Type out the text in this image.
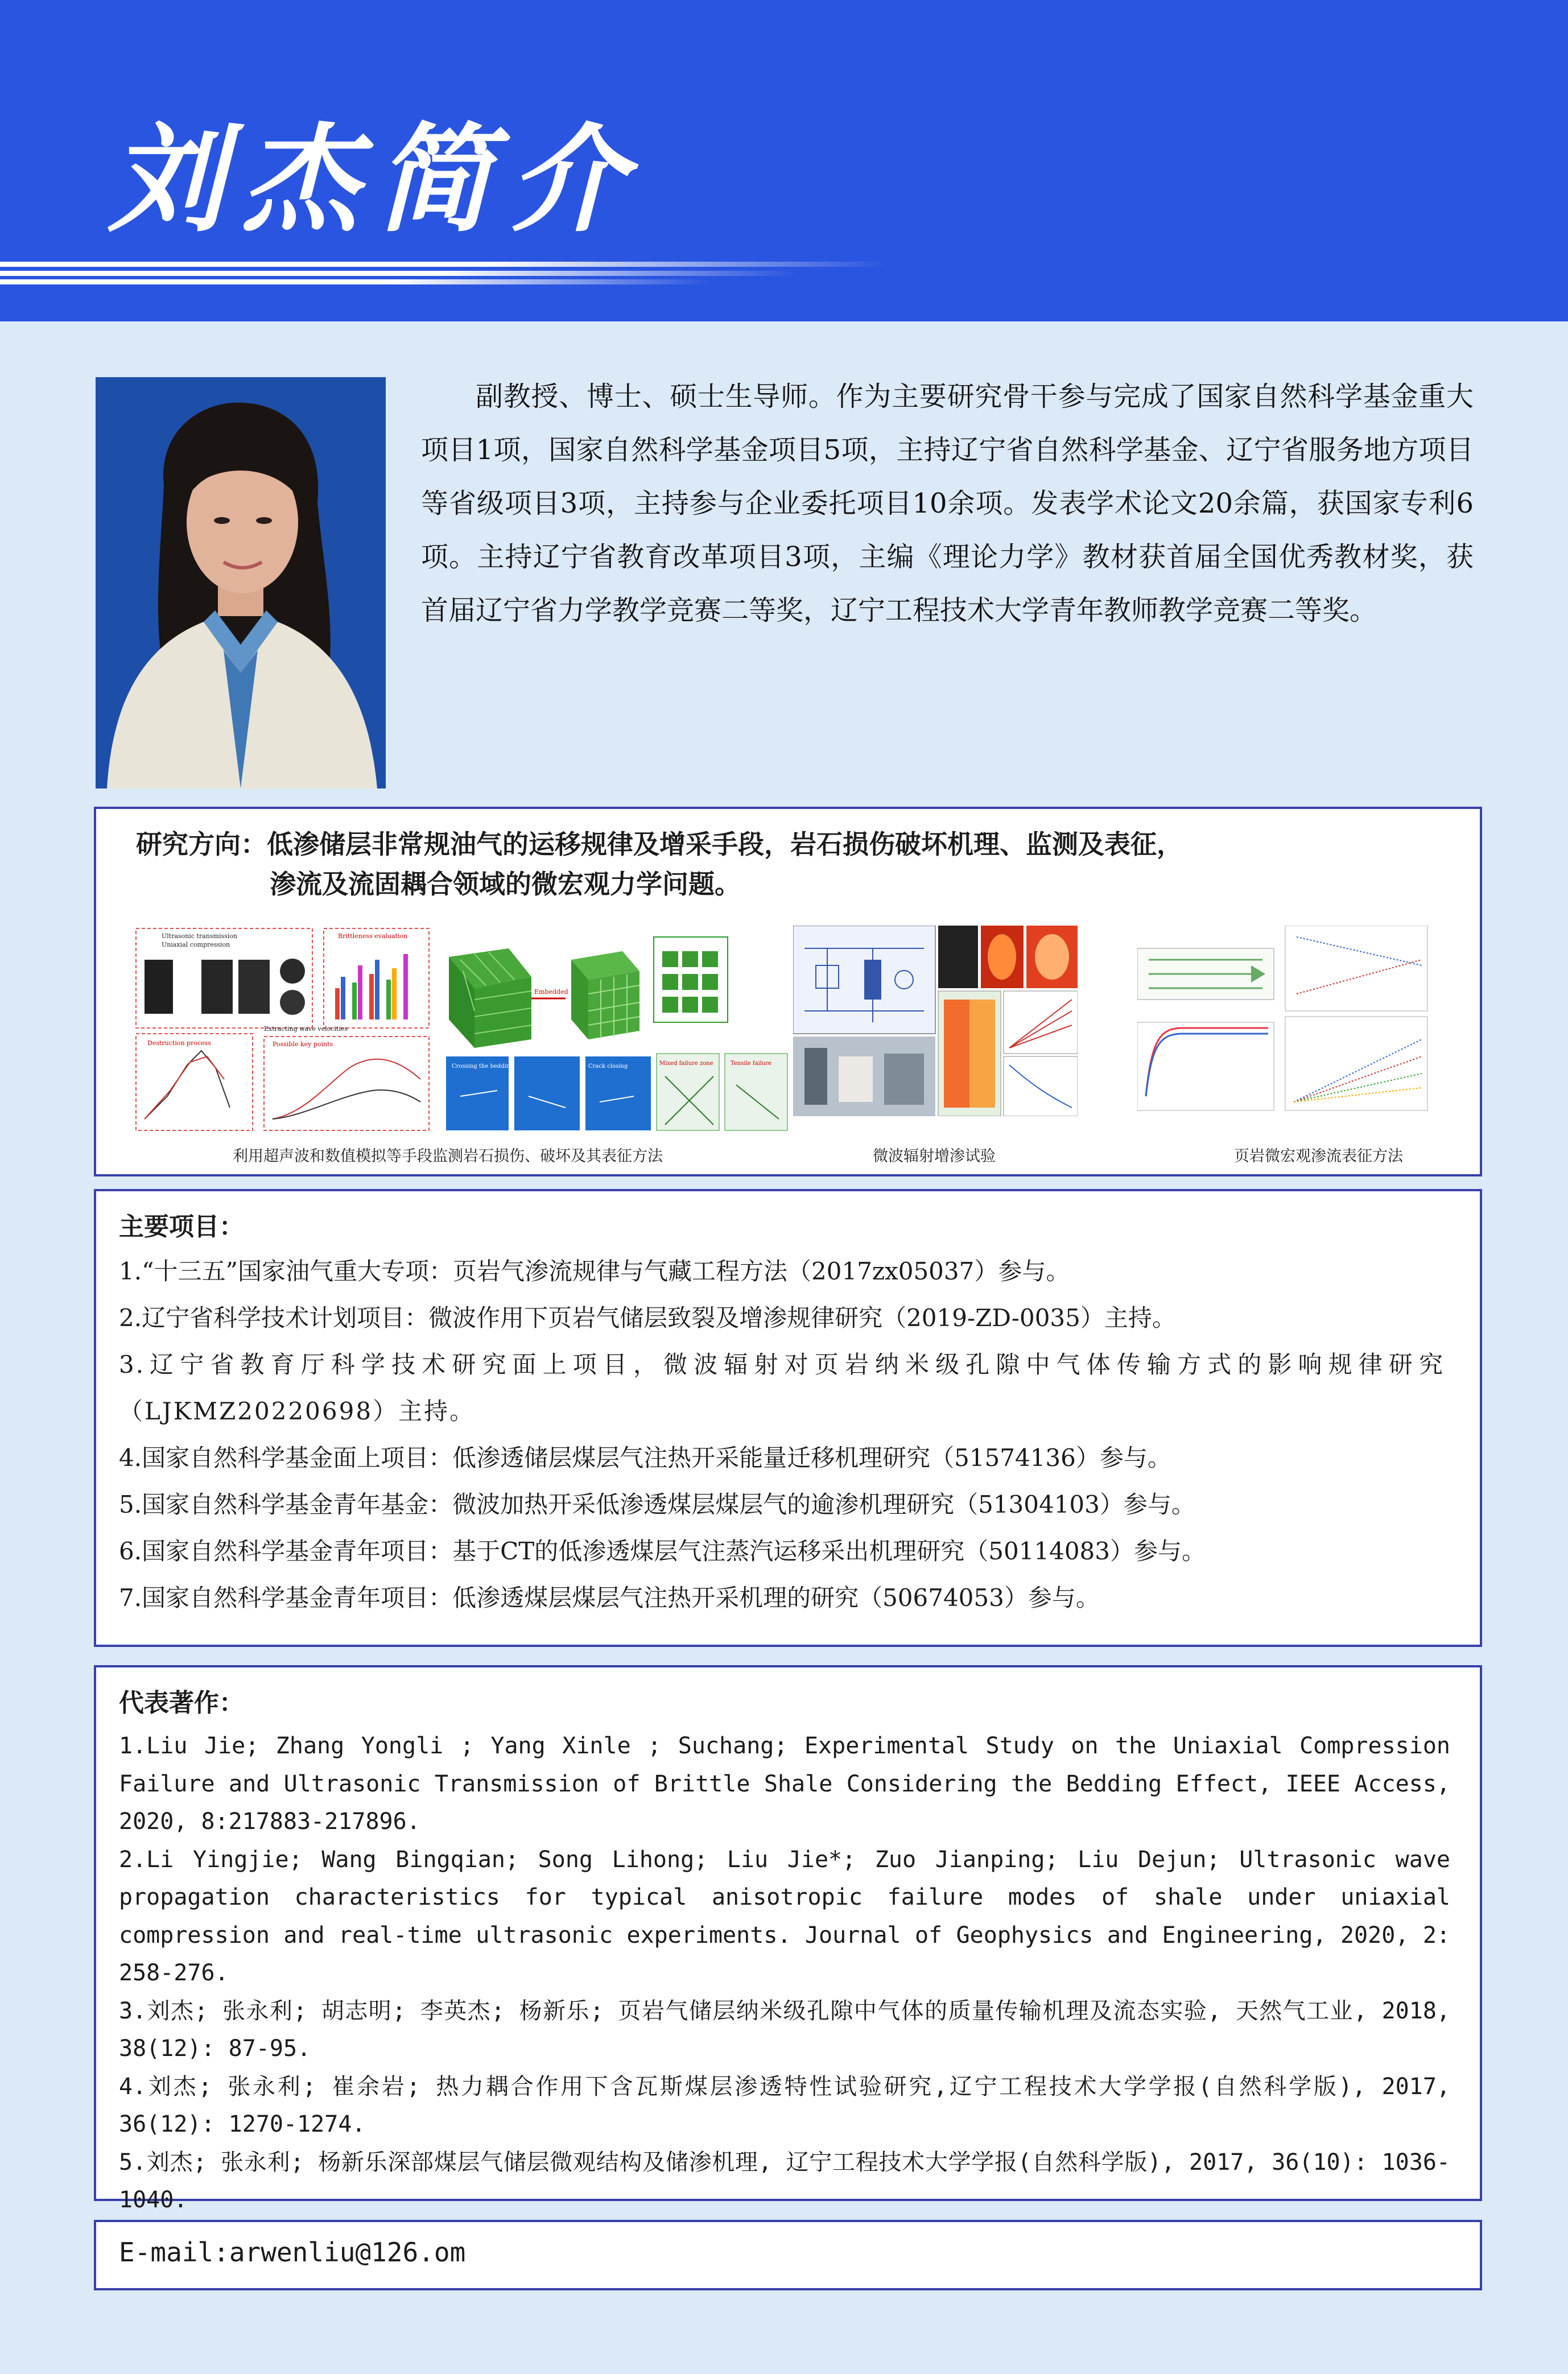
刘杰简介
副教授、博士、硕士生导师。作为主要研究骨干参与完成了国家自然科学基金重大项目1项，国家自然科学基金项目5项，主持辽宁省自然科学基金、辽宁省服务地方项目等省级项目3项，主持参与企业委托项目10余项。发表学术论文20余篇，获国家专利6项。主持辽宁省教育改革项目3项，主编《理论力学》教材获首届全国优秀教材奖，获首届辽宁省力学教学竞赛二等奖，辽宁工程技术大学青年教师教学竞赛二等奖。
研究方向：低渗储层非常规油气的运移规律及增采手段，岩石损伤破坏机理、监测及表征，
渗流及流固耦合领域的微宏观力学问题。
Ultrasonic transmission
Uniaxial compression
Brittleness evaluation
Embedded
Destruction process
Extracting wave velocities
Possible key points
Crossing the bedding	Crack closing	Mixed failure zone	Tensile failure
利用超声波和数值模拟等手段监测岩石损伤、破坏及其表征方法	微波辐射增渗试验	页岩微宏观渗流表征方法
主要项目：
1.“十三五”国家油气重大专项：页岩气渗流规律与气藏工程方法（2017zx05037）参与。
2.辽宁省科学技术计划项目：微波作用下页岩气储层致裂及增渗规律研究（2019-ZD-0035）主持。
3.辽宁省教育厅科学技术研究面上项目，微波辐射对页岩纳米级孔隙中气体传输方式的影响规律研究（LJKMZ20220698）主持。
4.国家自然科学基金面上项目：低渗透储层煤层气注热开采能量迁移机理研究（51574136）参与。
5.国家自然科学基金青年基金：微波加热开采低渗透煤层煤层气的逾渗机理研究（51304103）参与。
6.国家自然科学基金青年项目：基于CT的低渗透煤层气注蒸汽运移采出机理研究（50114083）参与。
7.国家自然科学基金青年项目：低渗透煤层煤层气注热开采机理的研究（50674053）参与。
代表著作：

1.Liu Jie; Zhang Yongli ; Yang Xinle ; Suchang; Experimental Study on the Uniaxial Compression Failure and Ultrasonic Transmission of Brittle Shale Considering the Bedding Effect, IEEE Access, 2020, 8:217883-217896.

2.Li Yingjie; Wang Bingqian; Song Lihong; Liu Jie*; Zuo Jianping; Liu Dejun; Ultrasonic wave propagation characteristics for typical anisotropic failure modes of shale under uniaxial compression and real-time ultrasonic experiments. Journal of Geophysics and Engineering, 2020, 2: 258-276.

3.刘杰; 张永利; 胡志明; 李英杰; 杨新乐; 页岩气储层纳米级孔隙中气体的质量传输机理及流态实验, 天然气工业, 2018, 38(12): 87-95.

4.刘杰; 张永利; 崔余岩; 热力耦合作用下含瓦斯煤层渗透特性试验研究,辽宁工程技术大学学报(自然科学版), 2017, 36(12): 1270-1274.

5.刘杰; 张永利; 杨新乐深部煤层气储层微观结构及储渗机理, 辽宁工程技术大学学报(自然科学版), 2017, 36(10): 1036-1040.

E-mail:arwenliu@126.om
